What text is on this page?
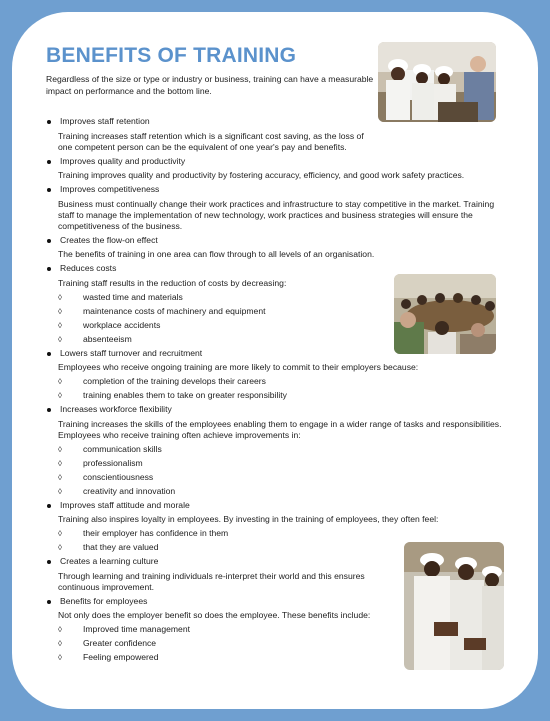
BENEFITS OF TRAINING
Regardless of the size or type or industry or business, training can have a measurable impact on performance and the bottom line.
Improves staff retention
Training increases staff retention which is a significant cost saving, as the loss of one competent person can be the equivalent of one year's pay and benefits.
Improves quality and productivity
Training improves quality and productivity by fostering accuracy, efficiency, and good work safety practices.
Improves competitiveness
Business must continually change their work practices and infrastructure to stay competitive in the market. Training staff to manage the implementation of new technology, work practices and business strategies will ensure the competitiveness of the business.
Creates the flow-on effect
The benefits of training in one area can flow through to all levels of an organisation.
Reduces costs
Training staff results in the reduction of costs by decreasing:
◊ wasted time and materials
◊ maintenance costs of machinery and equipment
◊ workplace accidents
◊ absenteeism
Lowers staff turnover and recruitment
Employees who receive ongoing training are more likely to commit to their employers because:
◊ completion of the training develops their careers
◊ training enables them to take on greater responsibility
Increases workforce flexibility
Training increases the skills of the employees enabling them to engage in a wider range of tasks and responsibilities. Employees who receive training often achieve improvements in:
◊ communication skills
◊ professionalism
◊ conscientiousness
◊ creativity and innovation
Improves staff attitude and morale
Training also inspires loyalty in employees. By investing in the training of employees, they often feel:
◊ their employer has confidence in them
◊ that they are valued
Creates a learning culture
Through learning and training individuals re-interpret their world and this ensures continuous improvement.
Benefits for employees
Not only does the employer benefit so does the employee. These benefits include:
◊ Improved time management
◊ Greater confidence
◊ Feeling empowered
